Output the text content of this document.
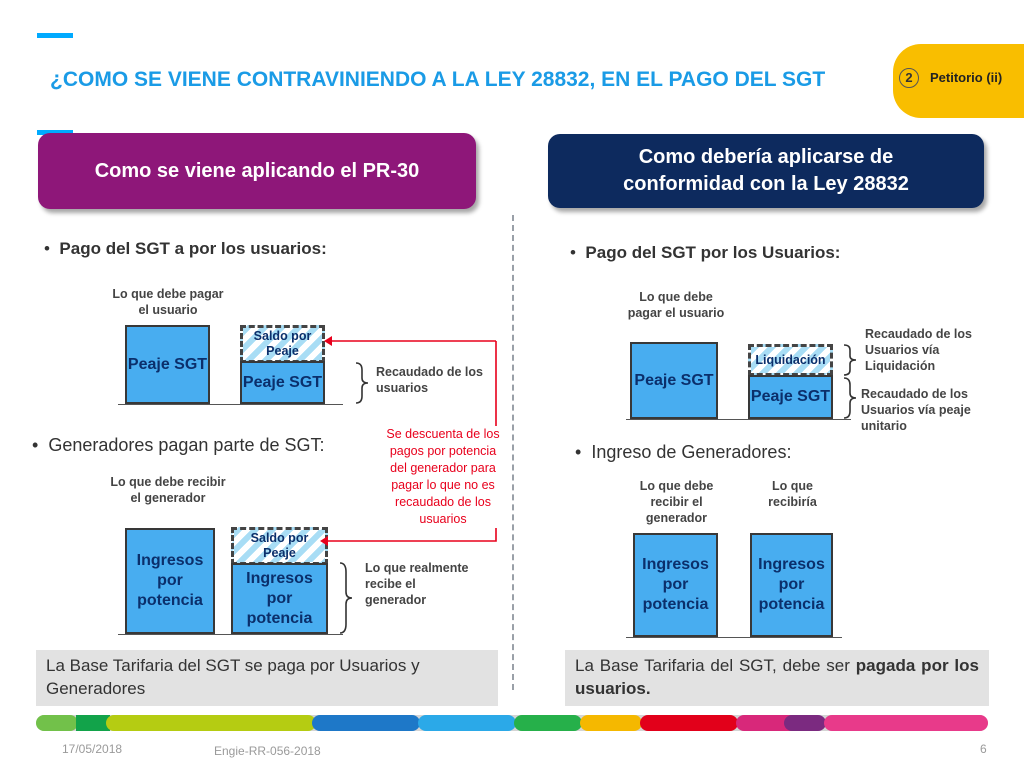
¿COMO SE VIENE CONTRAVINIENDO A LA LEY 28832, EN EL PAGO DEL SGT	2	Petitorio (ii)
Como se viene aplicando el PR-30
Como debería aplicarse de conformidad con la Ley 28832
•  Pago del SGT a por los usuarios:
Lo que debe pagar el usuario
Peaje SGT
Saldo por Peaje
Peaje SGT
Recaudado de los usuarios
•  Generadores pagan parte de SGT:
Lo que debe recibir el generador
Ingresos por potencia
Saldo por Peaje
Ingresos por potencia
Lo que realmente recibe el generador
Se descuenta de los pagos por potencia del generador para pagar lo que no es recaudado de los usuarios
La Base Tarifaria del SGT se paga por Usuarios y Generadores
•  Pago del SGT por los Usuarios:
Lo que debe pagar el usuario
Peaje SGT
Liquidación
Peaje SGT
Recaudado de los Usuarios vía Liquidación
Recaudado de los Usuarios vía peaje unitario
•  Ingreso de Generadores:
Lo que debe recibir el generador
Lo que recibiría
Ingresos por potencia
Ingresos por potencia
La Base Tarifaria del SGT, debe ser pagada por los usuarios.
17/05/2018	Engie-RR-056-2018	6
